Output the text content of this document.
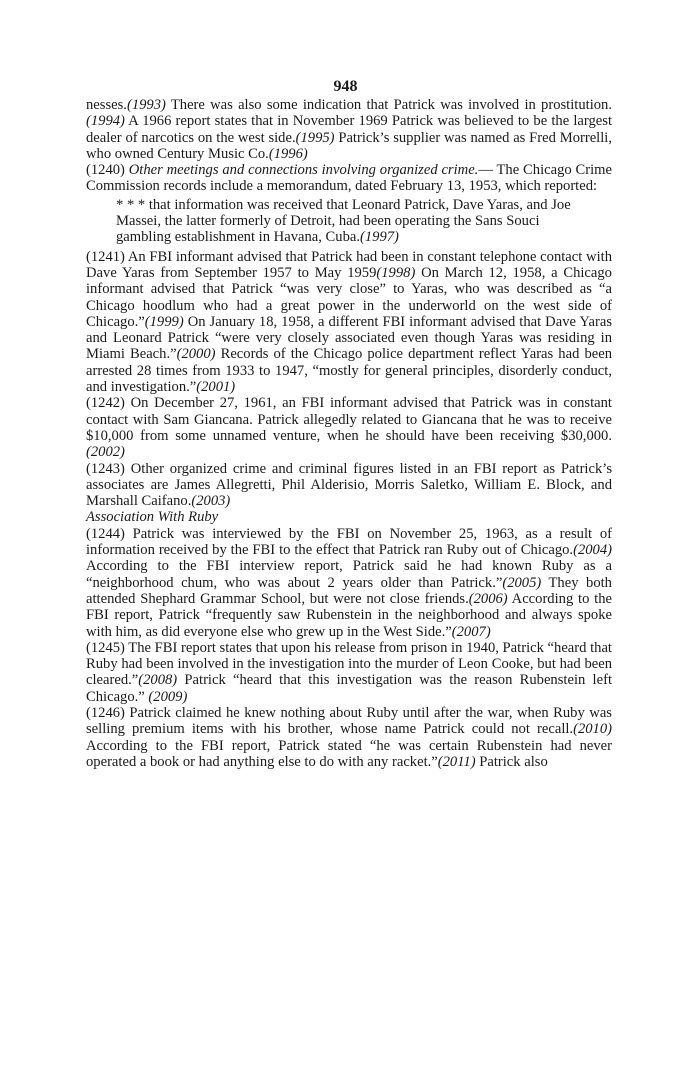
948

nesses.(1993) There was also some indication that Patrick was involved in prostitution.(1994) A 1966 report states that in November 1969 Patrick was believed to be the largest dealer of narcotics on the west side.(1995) Patrick’s supplier was named as Fred Morrelli, who owned Century Music Co.(1996)

(1240) Other meetings and connections involving organized crime.— The Chicago Crime Commission records include a memorandum, dated February 13, 1953, which reported:

* * * that information was received that Leonard Patrick, Dave Yaras, and Joe Massei, the latter formerly of Detroit, had been operating the Sans Souci gambling establishment in Havana, Cuba.(1997)

(1241) An FBI informant advised that Patrick had been in constant telephone contact with Dave Yaras from September 1957 to May 1959(1998) On March 12, 1958, a Chicago informant advised that Patrick “was very close” to Yaras, who was described as “a Chicago hoodlum who had a great power in the underworld on the west side of Chicago.”(1999) On January 18, 1958, a different FBI informant advised that Dave Yaras and Leonard Patrick “were very closely associated even though Yaras was residing in Miami Beach.”(2000) Records of the Chicago police department reflect Yaras had been arrested 28 times from 1933 to 1947, “mostly for general principles, disorderly conduct, and investigation.”(2001)

(1242) On December 27, 1961, an FBI informant advised that Patrick was in constant contact with Sam Giancana. Patrick allegedly related to Giancana that he was to receive $10,000 from some unnamed venture, when he should have been receiving $30,000. (2002)

(1243) Other organized crime and criminal figures listed in an FBI report as Patrick’s associates are James Allegretti, Phil Alderisio, Morris Saletko, William E. Block, and Marshall Caifano.(2003)

Association With Ruby

(1244) Patrick was interviewed by the FBI on November 25, 1963, as a result of information received by the FBI to the effect that Patrick ran Ruby out of Chicago.(2004) According to the FBI interview report, Patrick said he had known Ruby as a “neighborhood chum, who was about 2 years older than Patrick.”(2005) They both attended Shephard Grammar School, but were not close friends.(2006) According to the FBI report, Patrick “frequently saw Rubenstein in the neighborhood and always spoke with him, as did everyone else who grew up in the West Side.”(2007)

(1245) The FBI report states that upon his release from prison in 1940, Patrick “heard that Ruby had been involved in the investigation into the murder of Leon Cooke, but had been cleared.”(2008) Patrick “heard that this investigation was the reason Rubenstein left Chicago.” (2009)

(1246) Patrick claimed he knew nothing about Ruby until after the war, when Ruby was selling premium items with his brother, whose name Patrick could not recall.(2010) According to the FBI report, Patrick stated “he was certain Rubenstein had never operated a book or had anything else to do with any racket.”(2011) Patrick also
